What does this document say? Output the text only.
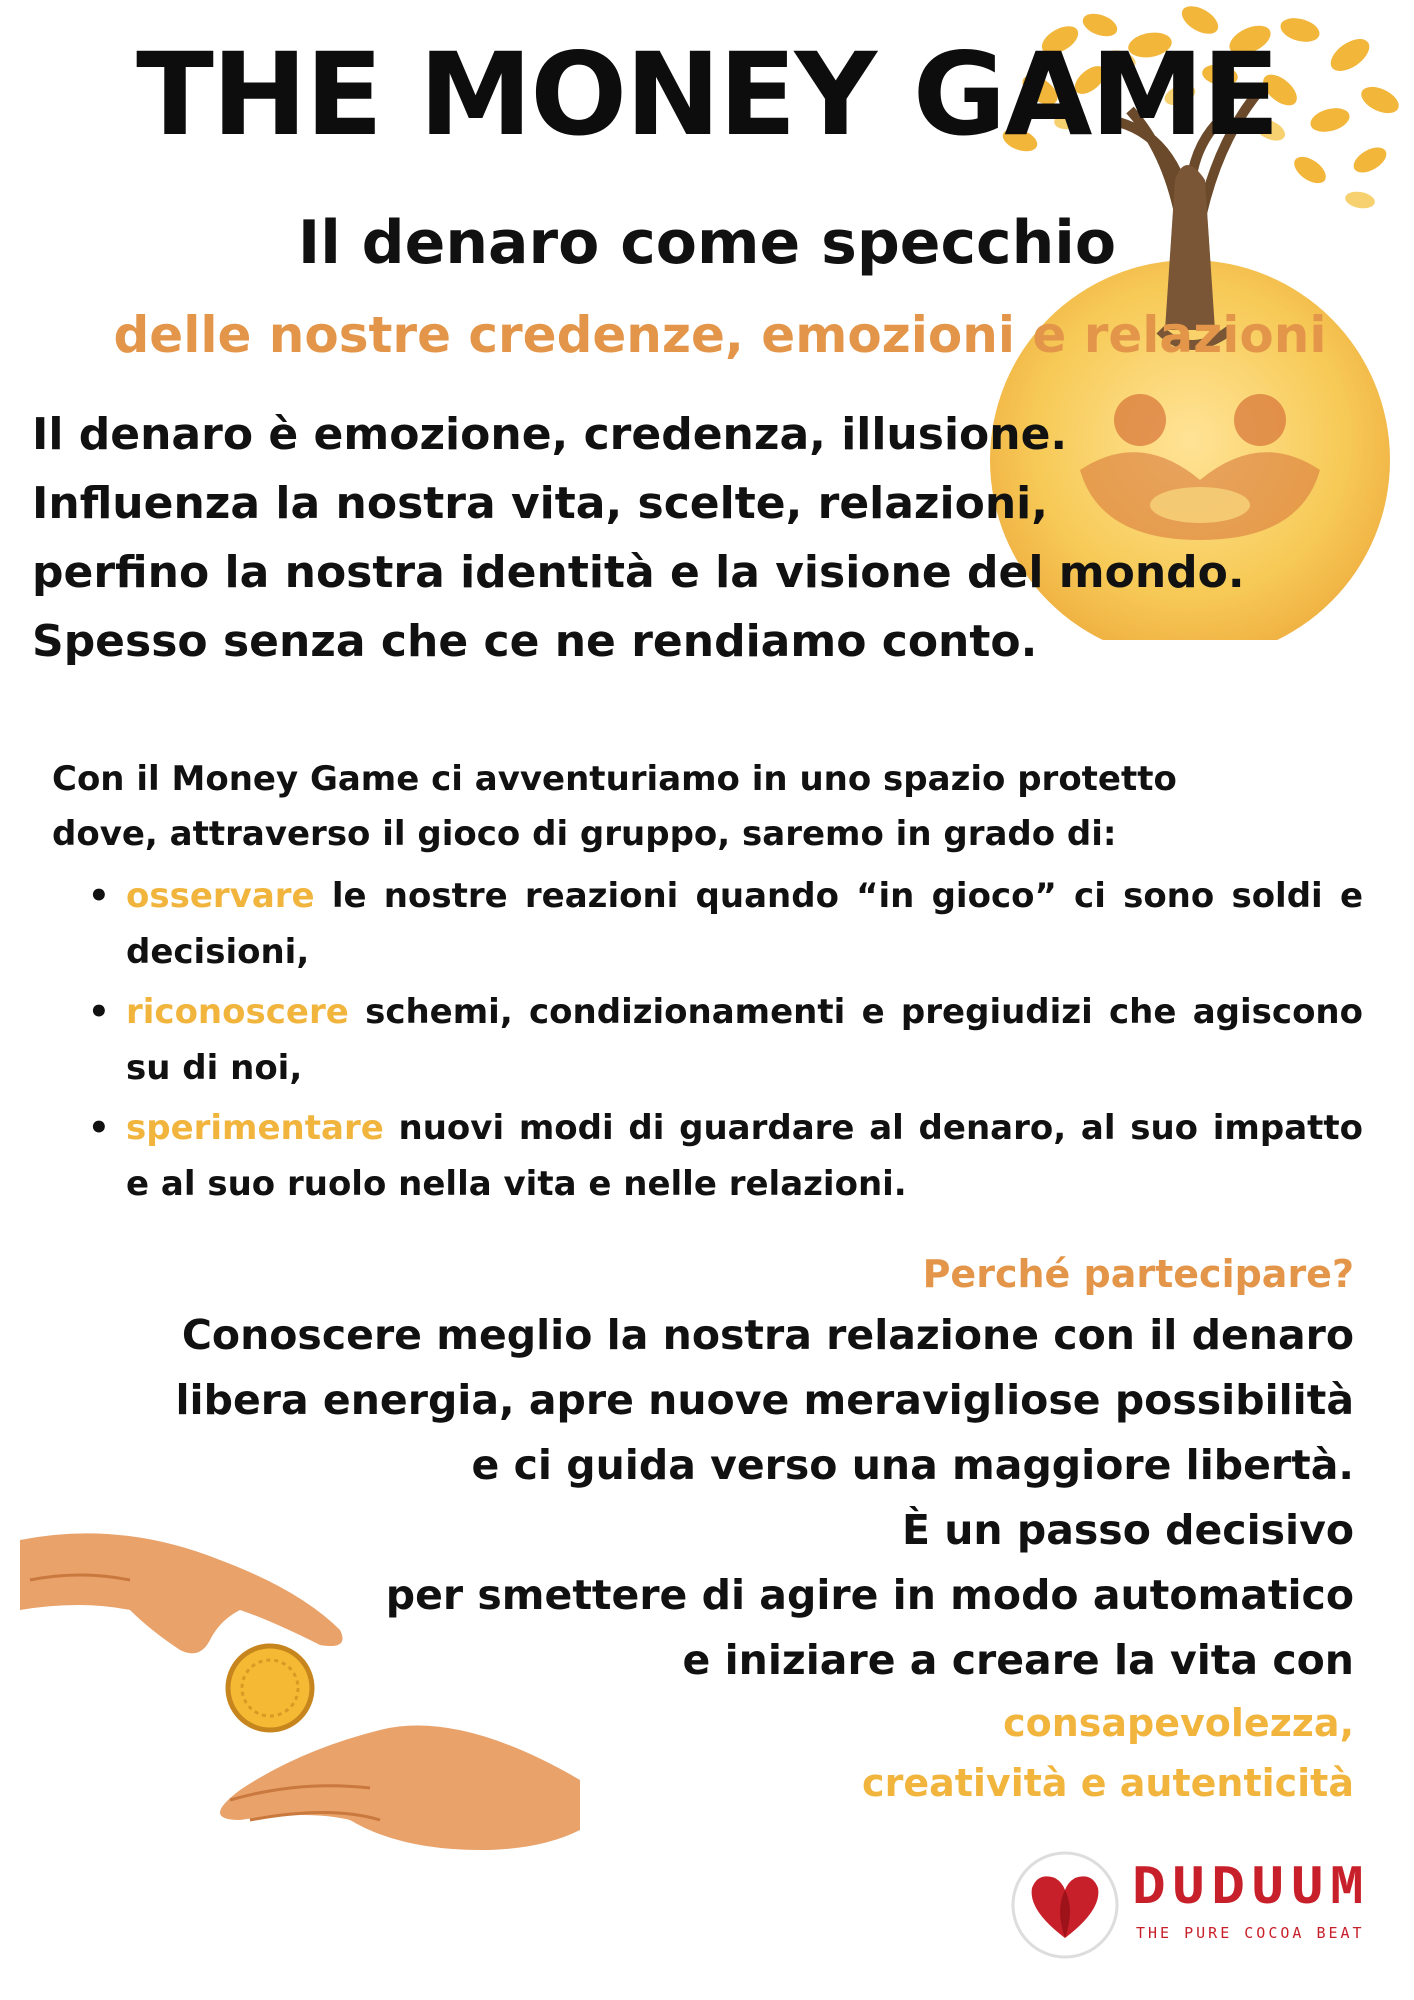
THE MONEY GAME
Il denaro come specchio
delle nostre credenze, emozioni e relazioni
Il denaro è emozione, credenza, illusione.
Influenza la nostra vita, scelte, relazioni,
perfino la nostra identità e la visione del mondo.
Spesso senza che ce ne rendiamo conto.
Con il Money Game ci avventuriamo in uno spazio protetto
dove, attraverso il gioco di gruppo, saremo in grado di:
• osservare le nostre reazioni quando “in gioco” ci sono soldi e decisioni,
• riconoscere schemi, condizionamenti e pregiudizi che agiscono su di noi,
• sperimentare nuovi modi di guardare al denaro, al suo impatto e al suo ruolo nella vita e nelle relazioni.
Perché partecipare?
Conoscere meglio la nostra relazione con il denaro
libera energia, apre nuove meravigliose possibilità
e ci guida verso una maggiore libertà.
È un passo decisivo
per smettere di agire in modo automatico
e iniziare a creare la vita con
consapevolezza,
creatività e autenticità
DUDUUM
THE PURE COCOA BEAT
